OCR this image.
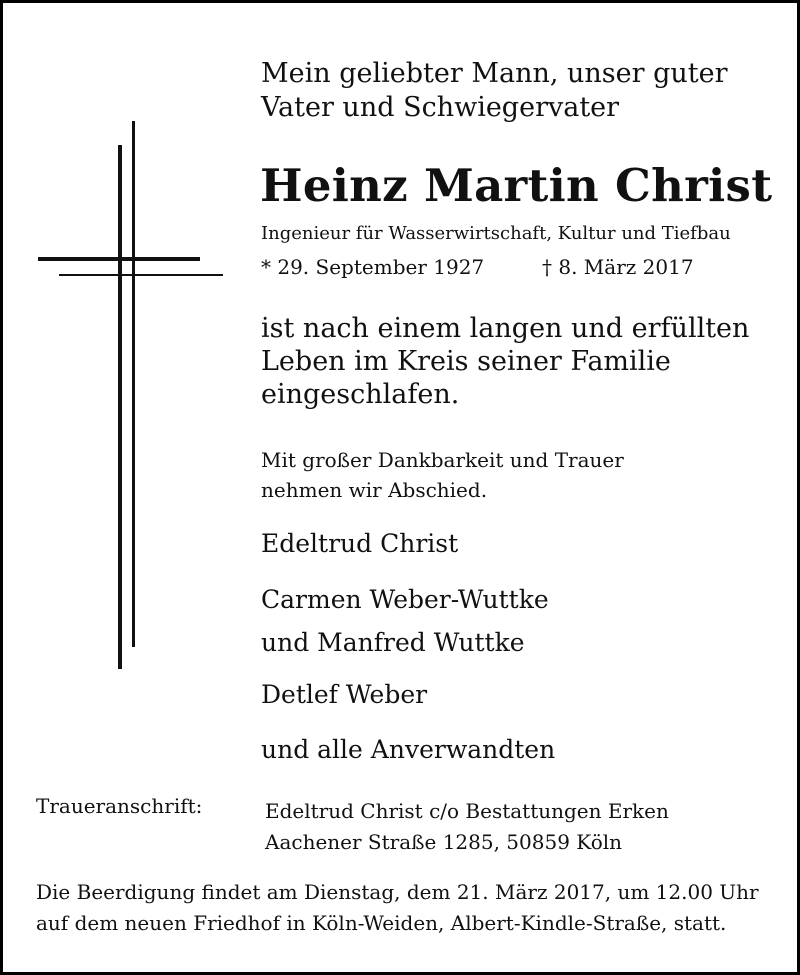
Mein geliebter Mann, unser guter
Vater und Schwiegervater
Heinz Martin Christ
Ingenieur für Wasserwirtschaft, Kultur und Tiefbau
* 29. September 1927	† 8. März 2017
ist nach einem langen und erfüllten
Leben im Kreis seiner Familie
eingeschlafen.
Mit großer Dankbarkeit und Trauer
nehmen wir Abschied.
Edeltrud Christ
Carmen Weber-Wuttke
und Manfred Wuttke
Detlef Weber
und alle Anverwandten
Traueranschrift:	Edeltrud Christ c/o Bestattungen Erken
Aachener Straße 1285, 50859 Köln
Die Beerdigung findet am Dienstag, dem 21. März 2017, um 12.00 Uhr
auf dem neuen Friedhof in Köln-Weiden, Albert-Kindle-Straße, statt.
